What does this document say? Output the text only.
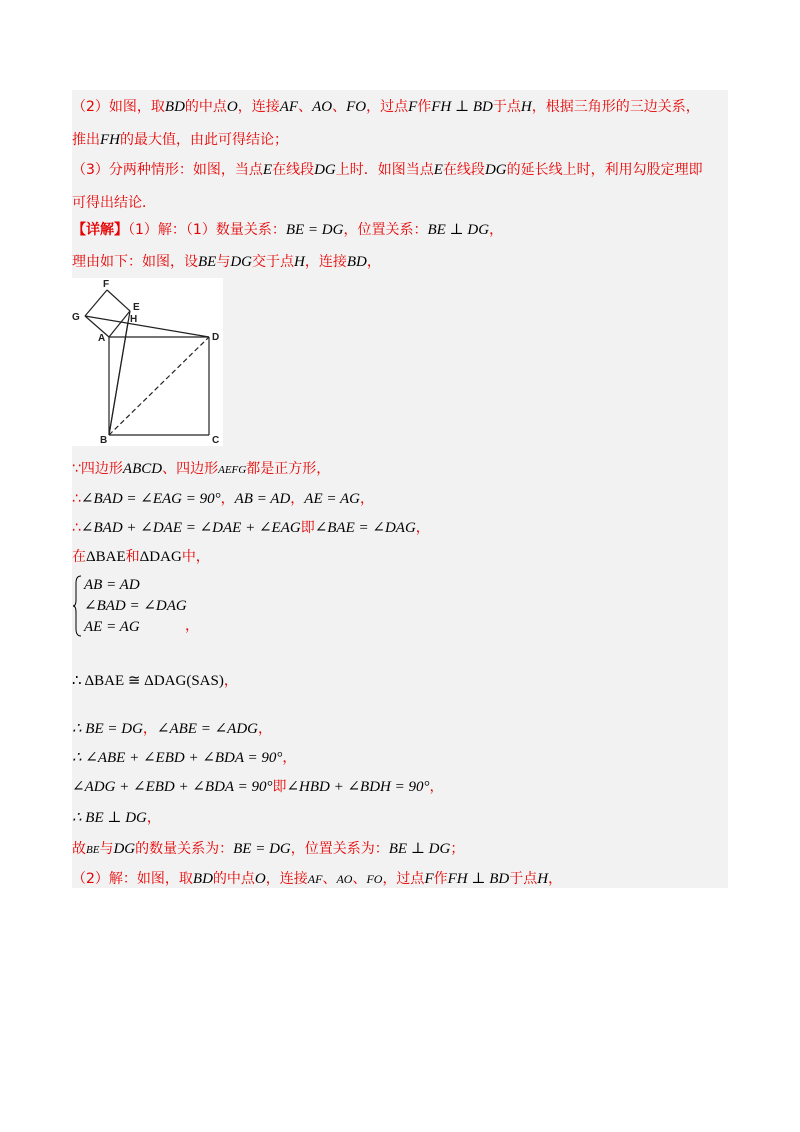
（2）如图，取BD的中点O，连接AF、AO、FO，过点F作FH ⊥ BD于点H，根据三角形的三边关系，
推出FH的最大值，由此可得结论；
（3）分两种情形：如图，当点E在线段DG上时．如图当点E在线段DG的延长线上时，利用勾股定理即
可得出结论．
【详解】（1）解：（1）数量关系：BE = DG，位置关系：BE ⊥ DG，
理由如下：如图，设BE与DG交于点H，连接BD，
F
E
G	H
A	D
B	C
∵四边形ABCD、四边形AEFG都是正方形，
∴∠BAD = ∠EAG = 90°，AB = AD，AE = AG，
∴∠BAD + ∠DAE = ∠DAE + ∠EAG即∠BAE = ∠DAG，
在ΔBAE和ΔDAG中，
AB = AD
∠BAD = ∠DAG
AE = AG	，
∴ ΔBAE ≅ ΔDAG(SAS)，
∴ BE = DG，∠ABE = ∠ADG，
∴ ∠ABE + ∠EBD + ∠BDA = 90°，
∠ADG + ∠EBD + ∠BDA = 90°即∠HBD + ∠BDH = 90°，
∴ BE ⊥ DG，
故BE与DG的数量关系为：BE = DG，位置关系为：BE ⊥ DG；
（2）解：如图，取BD的中点O，连接AF、AO、FO，过点F作FH ⊥ BD于点H，
